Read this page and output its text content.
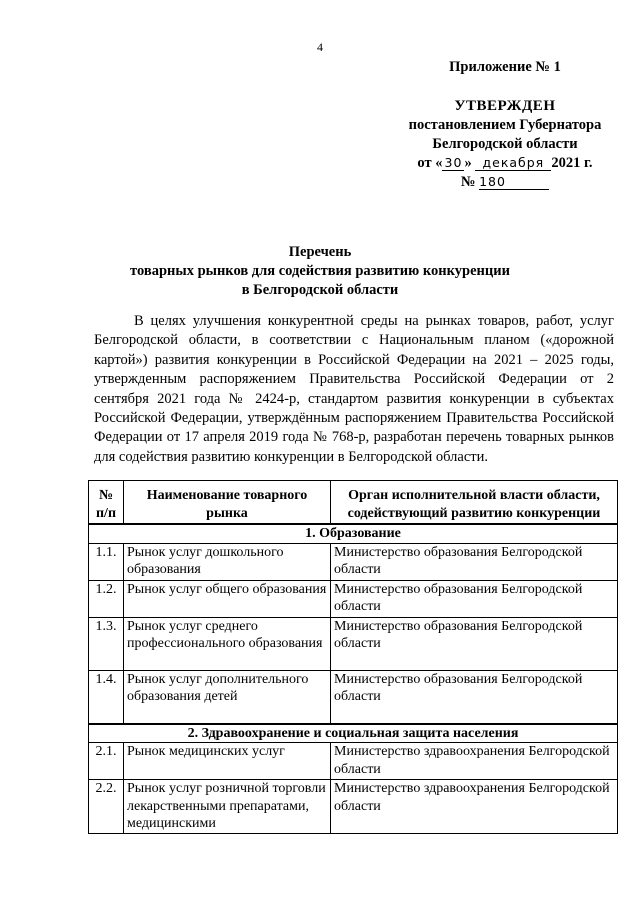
4
Приложение № 1
УТВЕРЖДЕН
постановлением Губернатора
Белгородской области
от « 30 » декабря 2021 г.
№ 180
Перечень
товарных рынков для содействия развитию конкуренции
в Белгородской области

В целях улучшения конкурентной среды на рынках товаров, работ, услуг Белгородской области, в соответствии с Национальным планом («дорожной картой») развития конкуренции в Российской Федерации на 2021 – 2025 годы, утвержденным распоряжением Правительства Российской Федерации от 2 сентября 2021 года № 2424-р, стандартом развития конкуренции в субъектах Российской Федерации, утверждённым распоряжением Правительства Российской Федерации от 17 апреля 2019 года № 768-р, разработан перечень товарных рынков для содействия развитию конкуренции в Белгородской области.

№ п/п	Наименование товарного рынка	Орган исполнительной власти области, содействующий развитию конкуренции
1. Образование		
1.1.	Рынок услуг дошкольного образования	Министерство образования Белгородской области
1.2.	Рынок услуг общего образования	Министерство образования Белгородской области
1.3.	Рынок услуг среднего профессионального образования	Министерство образования Белгородской области
1.4.	Рынок услуг дополнительного образования детей	Министерство образования Белгородской области
2. Здравоохранение и социальная защита населения		
2.1.	Рынок медицинских услуг	Министерство здравоохранения Белгородской области
2.2.	Рынок услуг розничной торговли лекарственными препаратами, медицинскими	Министерство здравоохранения Белгородской области
